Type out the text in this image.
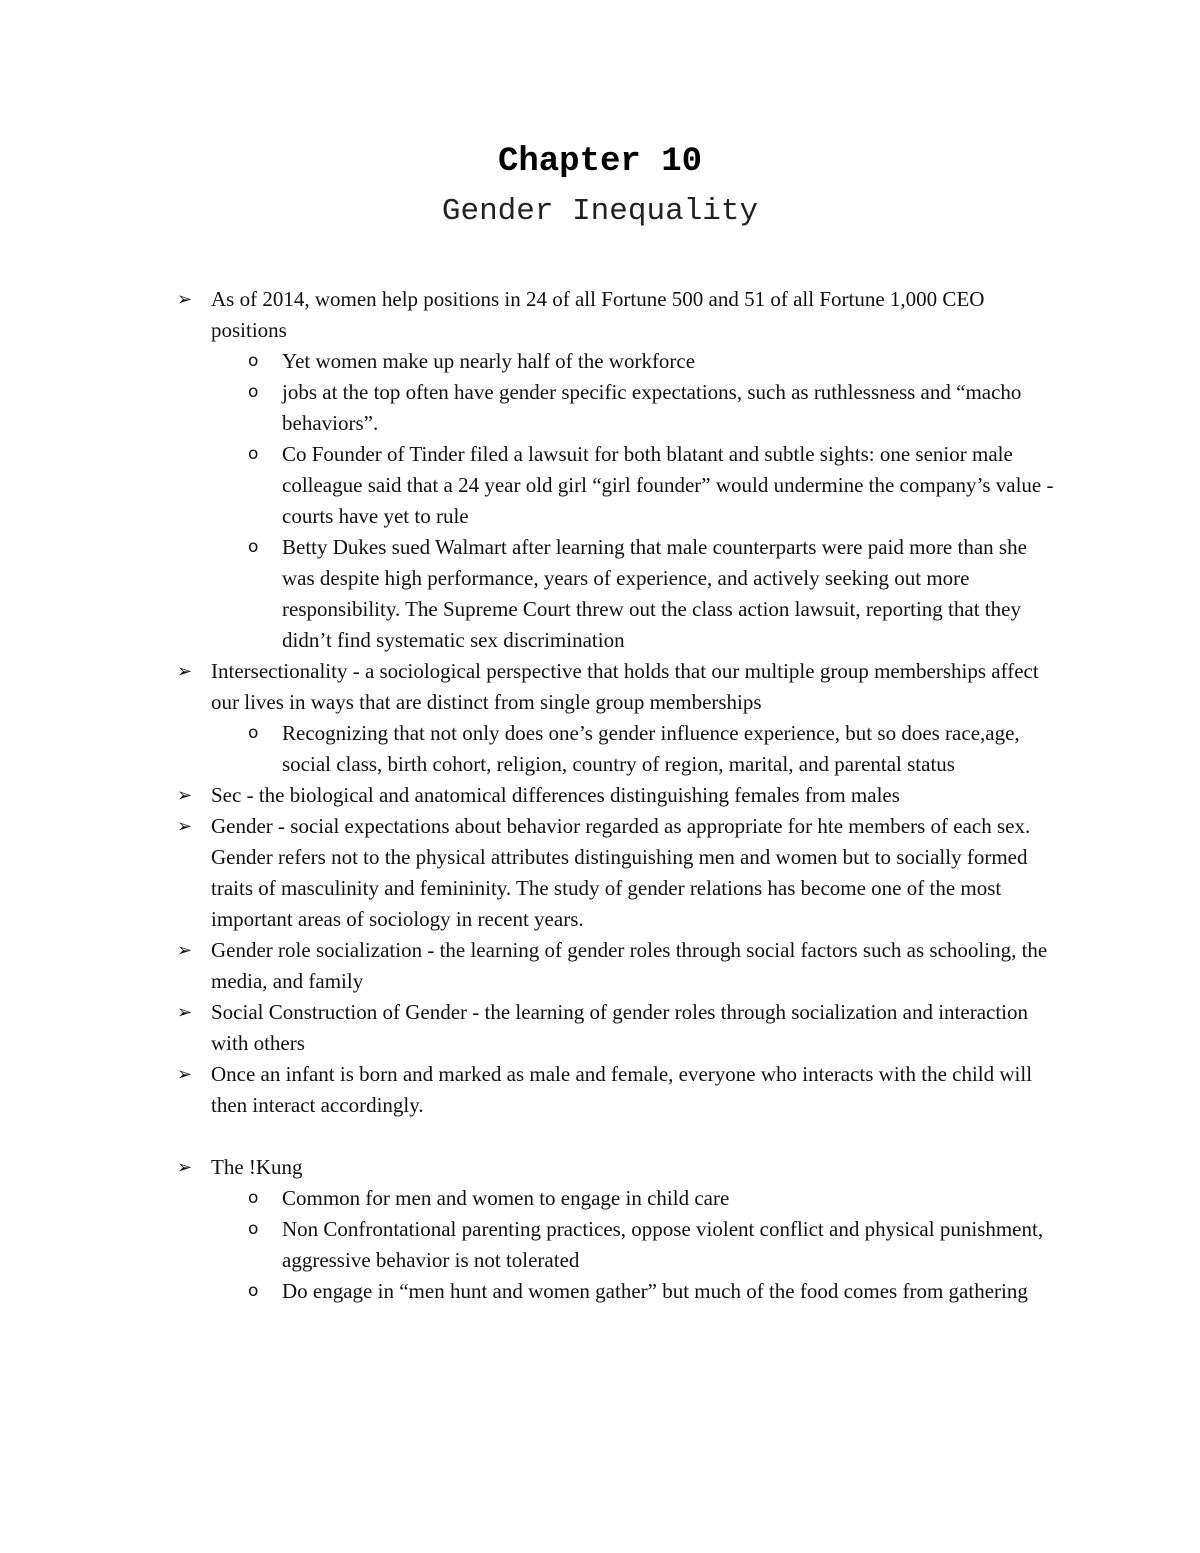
Chapter 10
Gender Inequality
➢ As of 2014, women help positions in 24 of all Fortune 500 and 51 of all Fortune 1,000 CEO positions
o Yet women make up nearly half of the workforce
o jobs at the top often have gender specific expectations, such as ruthlessness and “macho behaviors”.
o Co Founder of Tinder filed a lawsuit for both blatant and subtle sights: one senior male colleague said that a 24 year old girl “girl founder” would undermine the company’s value - courts have yet to rule
o Betty Dukes sued Walmart after learning that male counterparts were paid more than she was despite high performance, years of experience, and actively seeking out more responsibility. The Supreme Court threw out the class action lawsuit, reporting that they didn’t find systematic sex discrimination
➢ Intersectionality - a sociological perspective that holds that our multiple group memberships affect our lives in ways that are distinct from single group memberships
o Recognizing that not only does one’s gender influence experience, but so does race,age, social class, birth cohort, religion, country of region, marital, and parental status
➢ Sec - the biological and anatomical differences distinguishing females from males
➢ Gender - social expectations about behavior regarded as appropriate for hte members of each sex. Gender refers not to the physical attributes distinguishing men and women but to socially formed traits of masculinity and femininity. The study of gender relations has become one of the most important areas of sociology in recent years.
➢ Gender role socialization - the learning of gender roles through social factors such as schooling, the media, and family
➢ Social Construction of Gender - the learning of gender roles through socialization and interaction with others
➢ Once an infant is born and marked as male and female, everyone who interacts with the child will then interact accordingly.
➢ The !Kung
o Common for men and women to engage in child care
o Non Confrontational parenting practices, oppose violent conflict and physical punishment, aggressive behavior is not tolerated
o Do engage in “men hunt and women gather” but much of the food comes from gathering
